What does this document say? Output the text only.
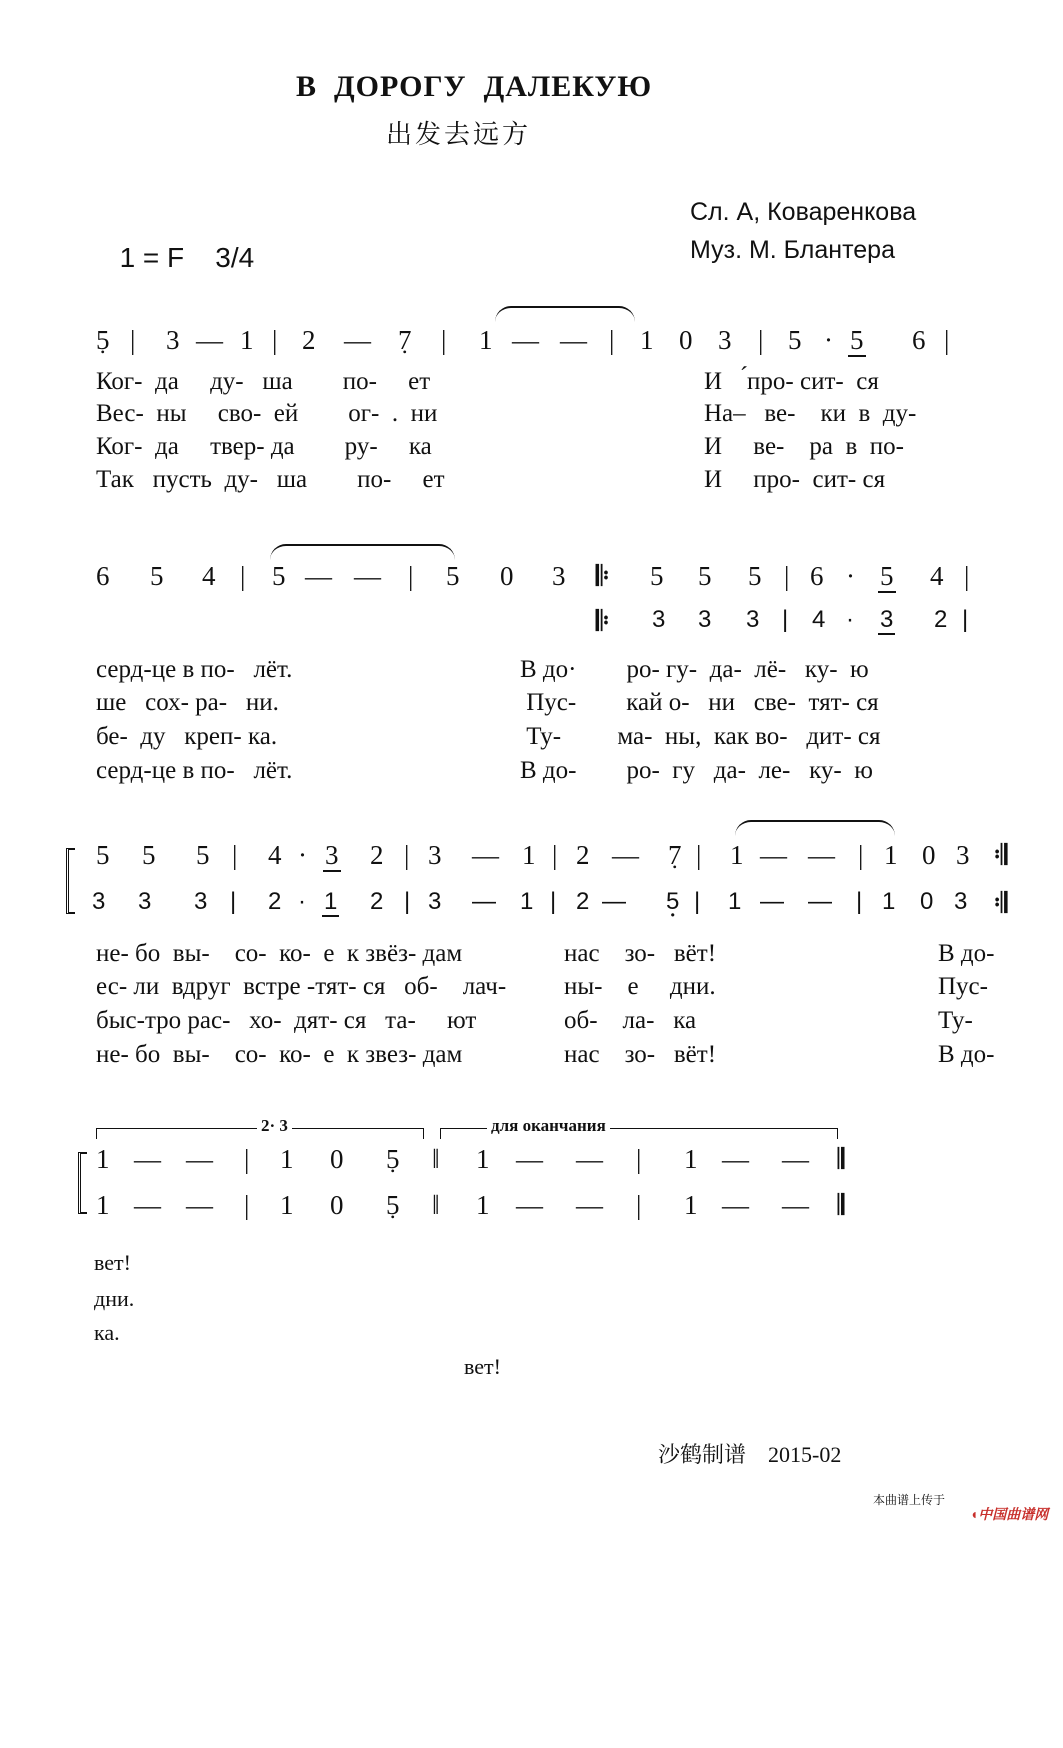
В  ДОРОГУ  ДАЛЕКУЮ
出发去远方

1 = F 3/4

Сл. А, Коваренкова
Муз. М. Блантера

5 •

|

3

—

1

|

2

—

7 •

|

1

—

—

|

1

0

3

|

5

·

5

6

|

Ког-  да     ду-   ша        по-     ет
Вес-  ны     сво-  ей        ог-  .  ни
Ког-  да     твер- да        ру-     ка
Так   пусть  ду-   ша        по-     ет
И    ́про- сит-  ся
На–   ве-    ки  в  ду-
И     ве-    ра  в  по-
И     про-  сит- ся

6

5

4

|

5

—

—

|

5

0

3

𝄆

5

5

5

|

6

·

5

4

|

𝄆

3

3

3

|

4

·

3

2

|

серд-це в по-   лёт.
ше   сох- ра-   ни.
бе-  ду   креп- ка.
серд-це в по-   лёт.
В до·        ро- гу-  да-  лё-   ку-  ю
Пус-        кай о-   ни   све-  тят- ся
Ту-         ма-  ны,  как во-   дит- ся
В до-        ро-  гу   да-  ле-   ку-  ю

5

5

5

|

4

·

3

2

|

3

—

1

|

2

—

7 •

|

1

—

—

|

1

0

3

𝄇

3

3

3

|

2

·

1

2

|

3

—

1

|

2

—

5 •

|

1

—

—

|

1

0

3

𝄇

не- бо  вы-    со-  ко-  е  к звёз- дам
ес- ли  вдруг  встре -тят- ся   об-    лач-
быс-тро рас-   хо-  дят- ся   та-     ют
не- бо  вы-    со-  ко-  е  к звез- дам
нас    зо-   вёт!
ны-    е     дни.
об-    ла-   ка
нас    зо-   вёт!
В до-
Пус-
Ту-
В до-
2· 3	для оканчания

1

—

—

|

1

0

5 •

‖

1

—

—

|

1

—

—

𝄂

1

—

—

|

1

0

5 •

‖

1

—

—

|

1

—

—

𝄂

вет!
дни.
ка.
вет!
沙鹤制谱    2015-02
本曲谱上传于

◖中国曲谱网
